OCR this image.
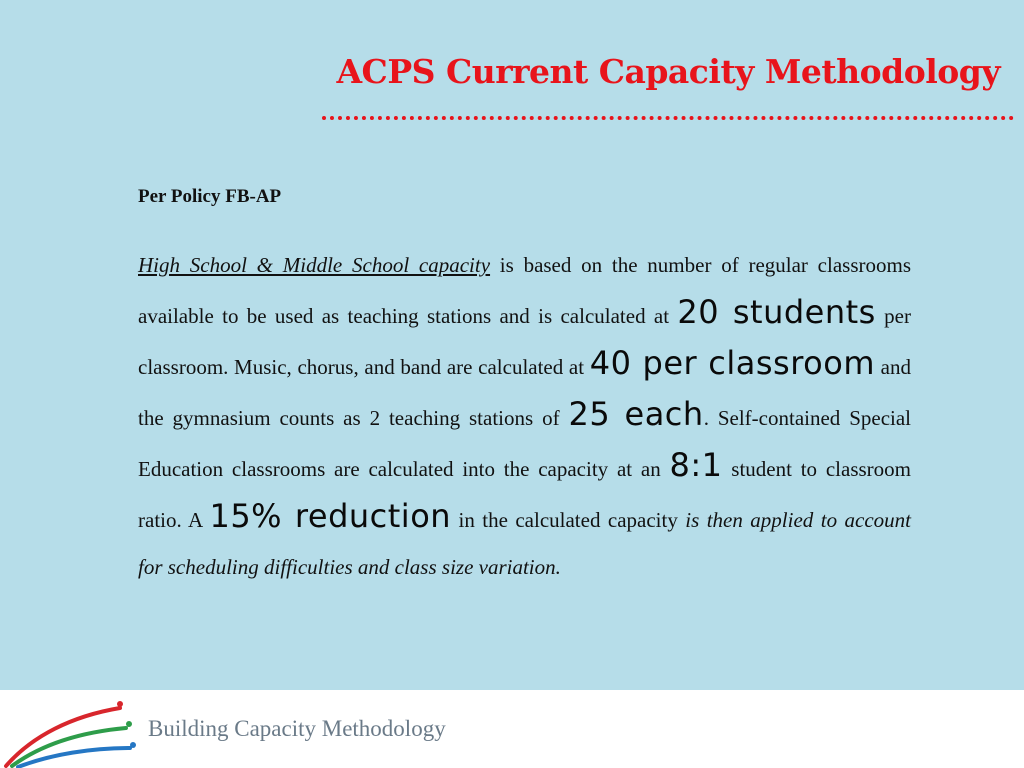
ACPS Current Capacity Methodology

Per Policy FB-AP

High School & Middle School capacity is based on the number of regular classrooms available to be used as teaching stations and is calculated at 20 students per classroom. Music, chorus, and band are calculated at 40 per classroom and the gymnasium counts as 2 teaching stations of 25 each. Self-contained Special Education classrooms are calculated into the capacity at an 8:1 student to classroom ratio. A 15% reduction in the calculated capacity is then applied to account for scheduling difficulties and class size variation.

Building Capacity Methodology
